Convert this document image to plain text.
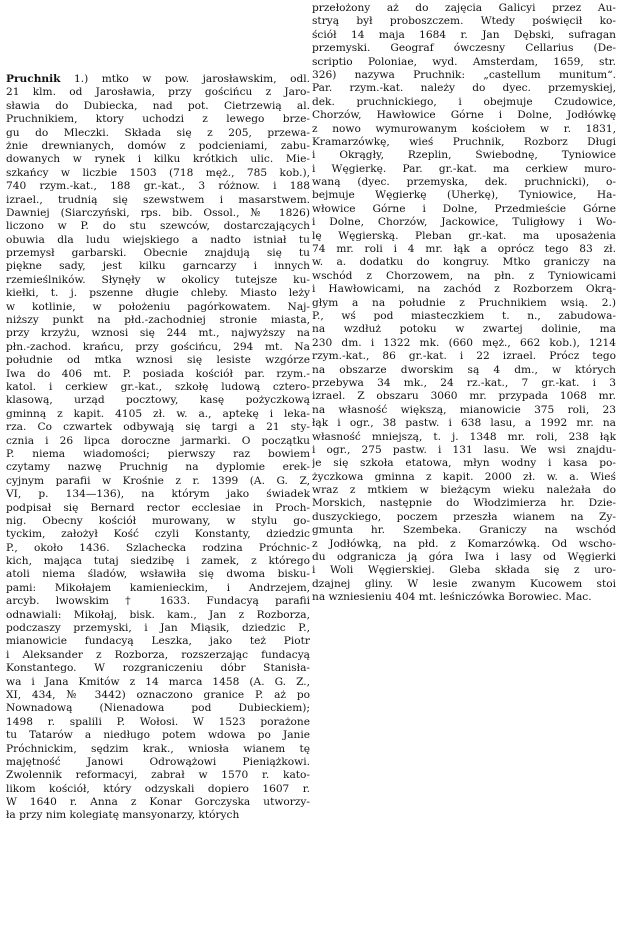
Pruchnik 1.) mtko w pow. jarosławskim, odl.
21 klm. od Jarosławia, przy gościńcu z Jaro-
sławia do Dubiecka, nad pot. Cietrzewią al.
Pruchnikiem, ktory uchodzi z lewego brze-
gu do Mleczki. Składa się z 205, przewa-
żnie drewnianych, domów z podcieniami, zabu-
dowanych w rynek i kilku krótkich ulic. Mie-
szkańcy w liczbie 1503 (718 męż., 785 kob.),
740 rzym.-kat., 188 gr.-kat., 3 różnow. i 188
izrael., trudnią się szewstwem i masarstwem.
Dawniej (Siarczyński, rps. bib. Ossol., № 1826)
liczono w P. do stu szewców, dostarczających
obuwia dla ludu wiejskiego a nadto istniał tu
przemysł garbarski. Obecnie znajdują się tu
piękne sady, jest kilku garncarzy i innych
rzemieślników. Słynęły w okolicy tutejsze ku-
kiełki, t. j. pszenne długie chleby. Miasto leży
w kotlinie, w położeniu pagórkowatem. Naj-
niższy punkt na płd.-zachodniej stronie miasta,
przy krzyżu, wznosi się 244 mt., najwyższy na
płn.-zachod. krańcu, przy gościńcu, 294 mt. Na
południe od mtka wznosi się lesiste wzgórze
Iwa do 406 mt. P. posiada kościół par. rzym.-
katol. i cerkiew gr.-kat., szkołę ludową cztero-
klasową, urząd pocztowy, kasę pożyczkową
gminną z kapit. 4105 zł. w. a., aptekę i leka-
rza. Co czwartek odbywają się targi a 21 sty-
cznia i 26 lipca doroczne jarmarki. O początku
P. niema wiadomości; pierwszy raz bowiem
czytamy nazwę Pruchnig na dyplomie erek-
cyjnym parafii w Krośnie z r. 1399 (A. G. Z,
VI, p. 134—136), na którym jako świadek
podpisał się Bernard rector ecclesiae in Proch-
nig. Obecny kościół murowany, w stylu go-
tyckim, założył Kość czyli Konstanty, dziedzic
P., około 1436. Szlachecka rodzina Próchnic-
kich, mająca tutaj siedzibę i zamek, z którego
atoli niema śladów, wsławiła się dwoma bisku-
pami: Mikołajem kamienieckim, i Andrzejem,
arcyb. lwowskim † 1633. Fundacyą parafii
odnawiali: Mikołaj, bisk. kam., Jan z Rozborza,
podczaszy przemyski, i Jan Miąsik, dziedzic P.,
mianowicie fundacyą Leszka, jako też Piotr
i Aleksander z Rozborza, rozszerzając fundacyą
Konstantego. W rozgraniczeniu dóbr Stanisła-
wa i Jana Kmitów z 14 marca 1458 (A. G. Z.,
XI, 434, № 3442) oznaczono granice P. aż po
Nownadową (Nienadowa pod Dubieckiem);
1498 r. spalili P. Wołosi. W 1523 porażone
tu Tatarów a niedługo potem wdowa po Janie
Próchnickim, sędzim krak., wniosła wianem tę
majętność Janowi Odrowążowi Pieniążkowi.
Zwolennik reformacyi, zabrał w 1570 r. kato-
likom kościół, który odzyskali dopiero 1607 r.
W 1640 r. Anna z Konar Gorczyska utworzy-
ła przy nim kolegiatę mansyonarzy, których
przełożony aż do zajęcia Galicyi przez Au-
stryą był proboszczem. Wtedy poświęcił ko-
ściół 14 maja 1684 r. Jan Dębski, sufragan
przemyski. Geograf ówczesny Cellarius (De-
scriptio Poloniae, wyd. Amsterdam, 1659, str.
326) nazywa Pruchnik: „castellum munitum“.
Par. rzym.-kat. należy do dyec. przemyskiej,
dek. pruchnickiego, i obejmuje Czudowice,
Chorzów, Hawłowice Górne i Dolne, Jodłówkę
z nowo wymurowanym kościołem w r. 1831,
Kramarzówkę, wieś Pruchnik, Rozborz Długi
i Okrągły, Rzeplin, Świebodnę, Tyniowice
i Węgierkę. Par. gr.-kat. ma cerkiew muro-
waną (dyec. przemyska, dek. pruchnicki), o-
bejmuje Węgierkę (Uherkę), Tyniowice, Ha-
włowice Górne i Dolne, Przedmieście Górne
i Dolne, Chorzów, Jackowice, Tuligłowy i Wo-
lę Węgierską. Pleban gr.-kat. ma uposażenia
74 mr. roli i 4 mr. łąk a oprócz tego 83 zł.
w. a. dodatku do kongruy. Mtko graniczy na
wschód z Chorzowem, na płn. z Tyniowicami
i Hawłowicami, na zachód z Rozborzem Okrą-
głym a na południe z Pruchnikiem wsią. 2.)
P., wś pod miasteczkiem t. n., zabudowa-
na wzdłuż potoku w zwartej dolinie, ma
230 dm. i 1322 mk. (660 męż., 662 kob.), 1214
rzym.-kat., 86 gr.-kat. i 22 izrael. Prócz tego
na obszarze dworskim są 4 dm., w których
przebywa 34 mk., 24 rz.-kat., 7 gr.-kat. i 3
izrael. Z obszaru 3060 mr. przypada 1068 mr.
na własność większą, mianowicie 375 roli, 23
łąk i ogr., 38 pastw. i 638 lasu, a 1992 mr. na
własność mniejszą, t. j. 1348 mr. roli, 238 łąk
i ogr., 275 pastw. i 131 lasu. We wsi znajdu-
je się szkoła etatowa, młyn wodny i kasa po-
życzkowa gminna z kapit. 2000 zł. w. a. Wieś
wraz z mtkiem w bieżącym wieku należała do
Morskich, następnie do Włodzimierza hr. Dzie-
duszyckiego, poczem przeszła wianem na Zy-
gmunta hr. Szembeka. Graniczy na wschód
z Jodłówką, na płd. z Komarzówką. Od wscho-
du odgranicza ją góra Iwa i lasy od Węgierki
i Woli Węgierskiej. Gleba składa się z uro-
dzajnej gliny. W lesie zwanym Kucowem stoi
na wzniesieniu 404 mt. leśniczówka Borowiec. Mac.
